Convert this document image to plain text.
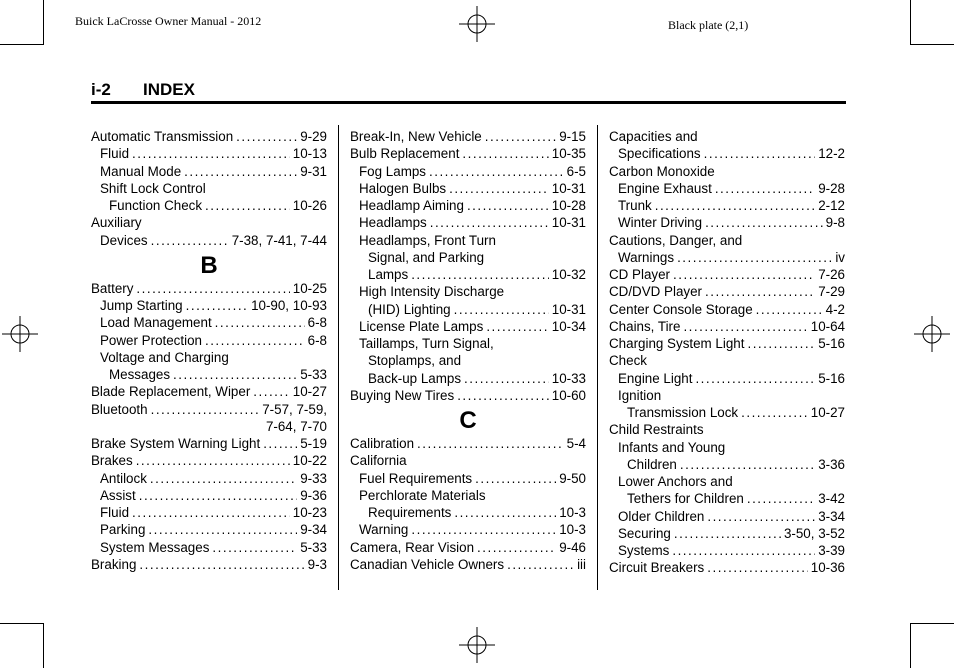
Buick LaCrosse Owner Manual - 2012	Black plate (2,1)
i-2 INDEX
Automatic Transmission .....	9-29
Fluid .....	10-13
Manual Mode .....	9-31
Shift Lock Control
Function Check .....	10-26
Auxiliary
Devices .....	7-38, 7-41, 7-44
B
Battery .....	10-25
Jump Starting .....	10-90, 10-93
Load Management .....	6-8
Power Protection .....	6-8
Voltage and Charging
Messages .....	5-33
Blade Replacement, Wiper .....	10-27
Bluetooth .....	7-57, 7-59,
7-64, 7-70
Brake System Warning Light .....	5-19
Brakes .....	10-22
Antilock .....	9-33
Assist .....	9-36
Fluid .....	10-23
Parking .....	9-34
System Messages .....	5-33
Braking .....	9-3
Break-In, New Vehicle .....	9-15
Bulb Replacement .....	10-35
Fog Lamps .....	6-5
Halogen Bulbs .....	10-31
Headlamp Aiming .....	10-28
Headlamps .....	10-31
Headlamps, Front Turn
Signal, and Parking
Lamps .....	10-32
High Intensity Discharge
(HID) Lighting .....	10-31
License Plate Lamps .....	10-34
Taillamps, Turn Signal,
Stoplamps, and
Back-up Lamps .....	10-33
Buying New Tires .....	10-60
C
Calibration .....	5-4
California
Fuel Requirements .....	9-50
Perchlorate Materials
Requirements .....	10-3
Warning .....	10-3
Camera, Rear Vision .....	9-46
Canadian Vehicle Owners .....	iii
Capacities and
Specifications .....	12-2
Carbon Monoxide
Engine Exhaust .....	9-28
Trunk .....	2-12
Winter Driving .....	9-8
Cautions, Danger, and
Warnings .....	iv
CD Player .....	7-26
CD/DVD Player .....	7-29
Center Console Storage .....	4-2
Chains, Tire .....	10-64
Charging System Light .....	5-16
Check
Engine Light .....	5-16
Ignition
Transmission Lock .....	10-27
Child Restraints
Infants and Young
Children .....	3-36
Lower Anchors and
Tethers for Children .....	3-42
Older Children .....	3-34
Securing .....	3-50, 3-52
Systems .....	3-39
Circuit Breakers .....	10-36
